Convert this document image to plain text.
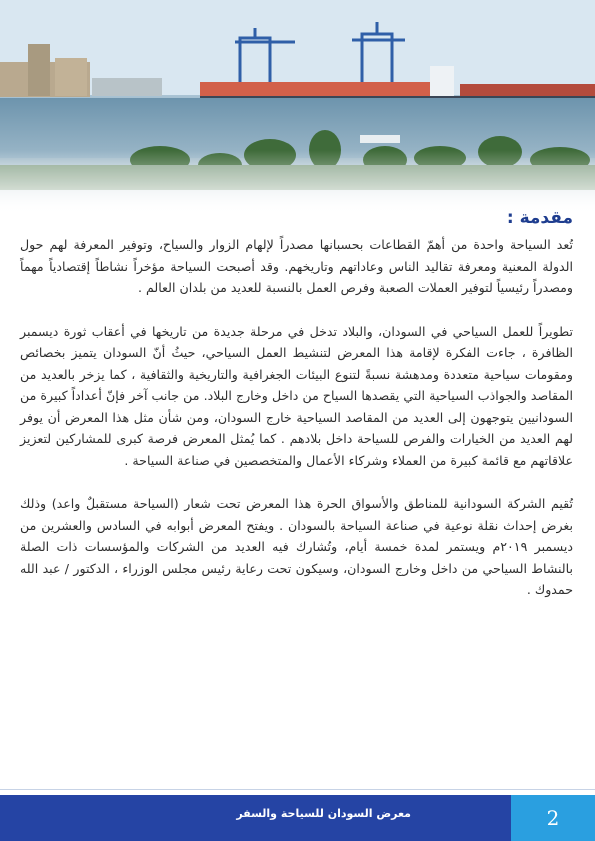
مقدمة :

تُعد السياحة واحدة من أهمّ القطاعات بحسبانها مصدراً لإلهام الزوار والسياح، وتوفير المعرفة لهم حول الدولة المعنية ومعرفة تقاليد الناس وعاداتهم وتاريخهم. وقد أصبحت السياحة مؤخراً نشاطاً إقتصادياً مهماً ومصدراً رئيسياً لتوفير العملات الصعبة وفرص العمل بالنسبة للعديد من بلدان العالم .

تطويراً للعمل السياحي في السودان، والبلاد تدخل في مرحلة جديدة من تاريخها في أعقاب ثورة ديسمبر الظافرة ، جاءت الفكرة لإقامة هذا المعرض لتنشيط العمل السياحي، حيثُ أنّ السودان يتميز بخصائص ومقومات سياحية متعددة ومدهشة نسبةً لتنوع البيئات الجغرافية والتاريخية والثقافية ، كما يزخر بالعديد من المقاصد والجواذب السياحية التي يقصدها السياح من داخل وخارج البلاد. من جانب آخر فإنّ أعداداً كبيرة من السودانيين يتوجهون إلى العديد من المقاصد السياحية خارج السودان، ومن شأن مثل هذا المعرض أن يوفر لهم العديد من الخيارات والفرص للسياحة داخل بلادهم . كما يُمثل المعرض فرصة كبرى للمشاركين لتعزيز علاقاتهم مع قائمة كبيرة من العملاء وشركاء الأعمال والمتخصصين في صناعة السياحة .

تُقيم الشركة السودانية للمناطق والأسواق الحرة هذا المعرض تحت شعار (السياحة مستقبلٌ واعد) وذلك بغرض إحداث نقلة نوعية في صناعة السياحة بالسودان . ويفتح المعرض أبوابه في السادس والعشرين من ديسمبر ٢٠١٩م ويستمر لمدة خمسة أيام، وتُشارك فيه العديد من الشركات والمؤسسات ذات الصلة بالنشاط السياحي من داخل وخارج السودان، وسيكون تحت رعاية رئيس مجلس الوزراء ، الدكتور / عبد الله حمدوك .

معرض السودان للسياحة والسفر	2
